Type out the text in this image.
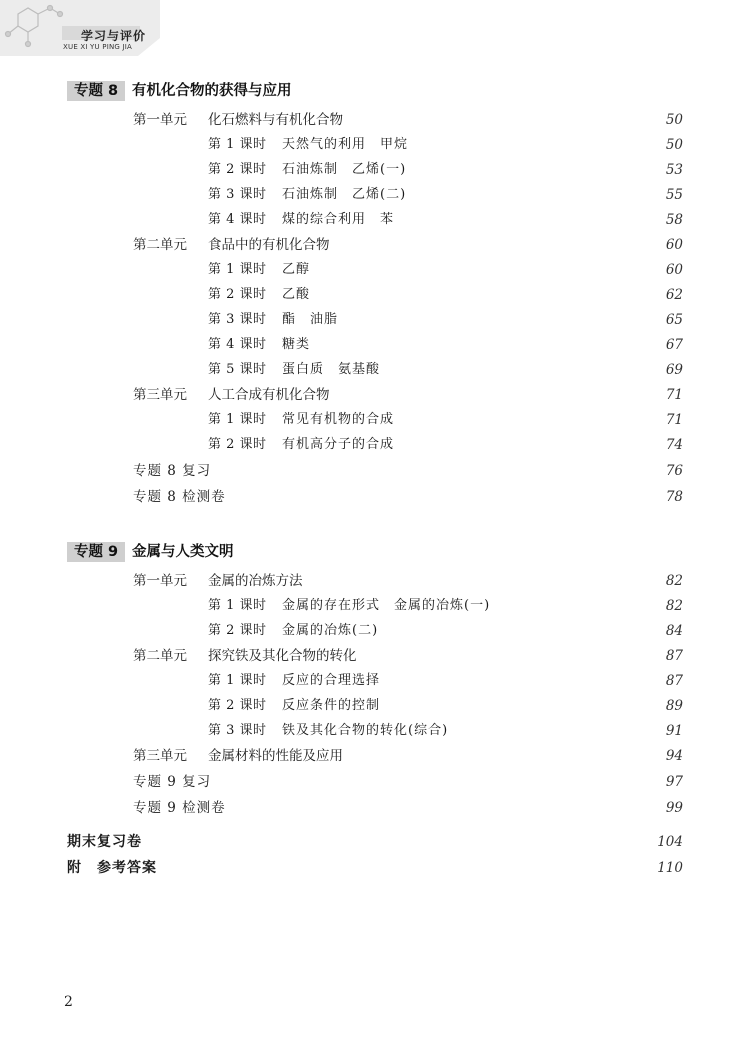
学习与评价
XUE XI YU PING JIA
专题 8 有机化合物的获得与应用
第一单元 化石燃料与有机化合物	50
第 1 课时 天然气的利用　甲烷	50
第 2 课时 石油炼制　乙烯(一)	53
第 3 课时 石油炼制　乙烯(二)	55
第 4 课时 煤的综合利用　苯	58
第二单元 食品中的有机化合物	60
第 1 课时 乙醇	60
第 2 课时 乙酸	62
第 3 课时 酯　油脂	65
第 4 课时 糖类	67
第 5 课时 蛋白质　氨基酸	69
第三单元 人工合成有机化合物	71
第 1 课时 常见有机物的合成	71
第 2 课时 有机高分子的合成	74
专题 8 复习	76
专题 8 检测卷	78
专题 9 金属与人类文明
第一单元 金属的冶炼方法	82
第 1 课时 金属的存在形式　金属的冶炼(一)	82
第 2 课时 金属的冶炼(二)	84
第二单元 探究铁及其化合物的转化	87
第 1 课时 反应的合理选择	87
第 2 课时 反应条件的控制	89
第 3 课时 铁及其化合物的转化(综合)	91
第三单元 金属材料的性能及应用	94
专题 9 复习	97
专题 9 检测卷	99
期末复习卷	104
附　参考答案	110
2
